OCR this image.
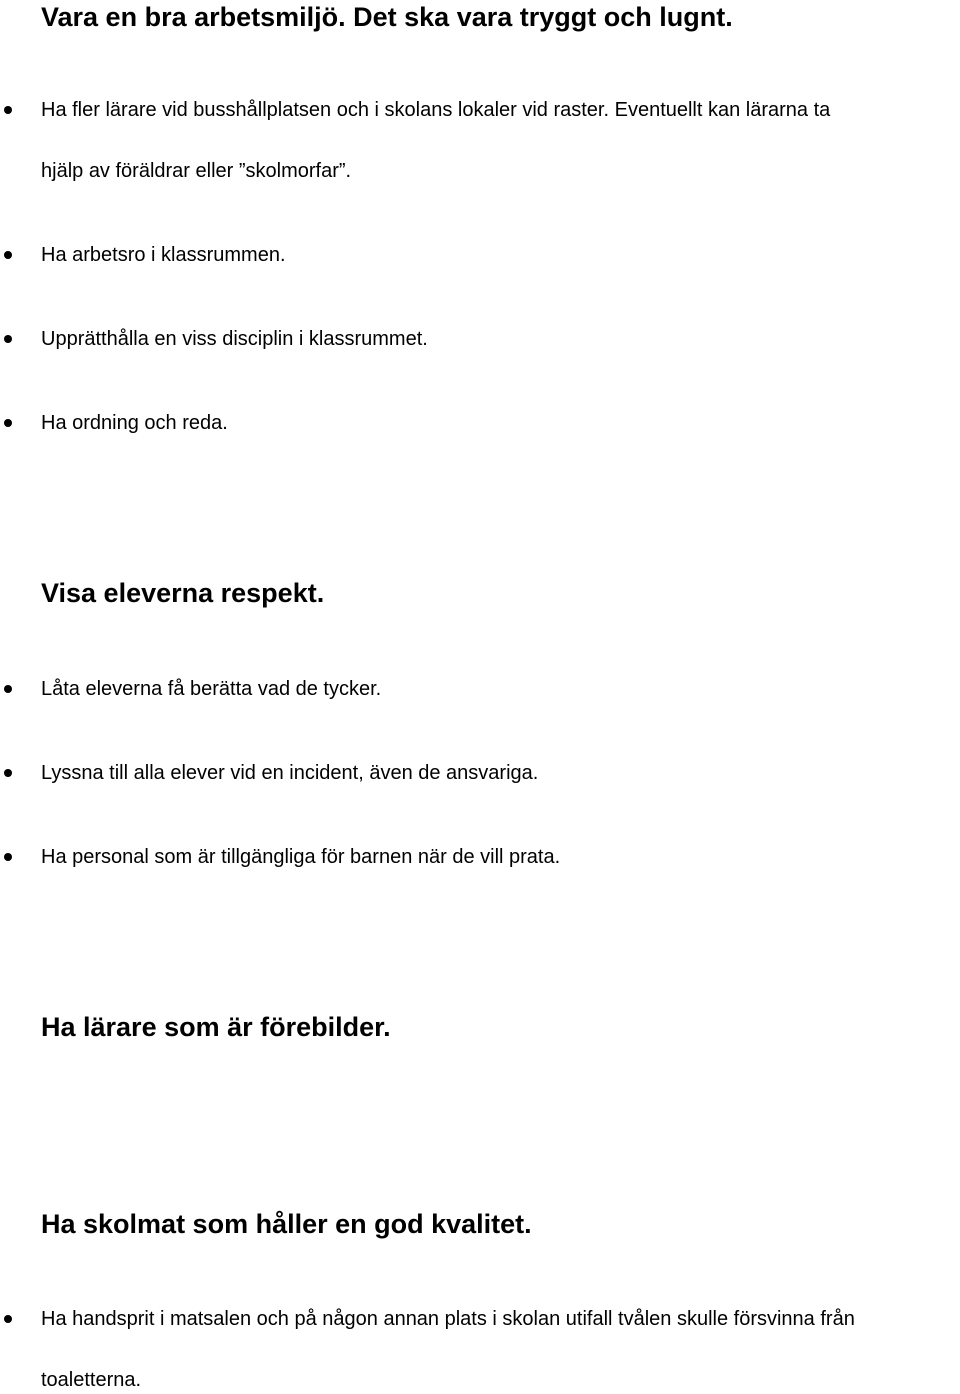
Vara en bra arbetsmiljö. Det ska vara tryggt och lugnt.
Ha fler lärare vid busshållplatsen och i skolans lokaler vid raster. Eventuellt kan lärarna ta
hjälp av föräldrar eller ”skolmorfar”.
Ha arbetsro i klassrummen.
Upprätthålla en viss disciplin i klassrummet.
Ha ordning och reda.
Visa eleverna respekt.
Låta eleverna få berätta vad de tycker.
Lyssna till alla elever vid en incident, även de ansvariga.
Ha personal som är tillgängliga för barnen när de vill prata.
Ha lärare som är förebilder.
Ha skolmat som håller en god kvalitet.
Ha handsprit i matsalen och på någon annan plats i skolan utifall tvålen skulle försvinna från
toaletterna.
